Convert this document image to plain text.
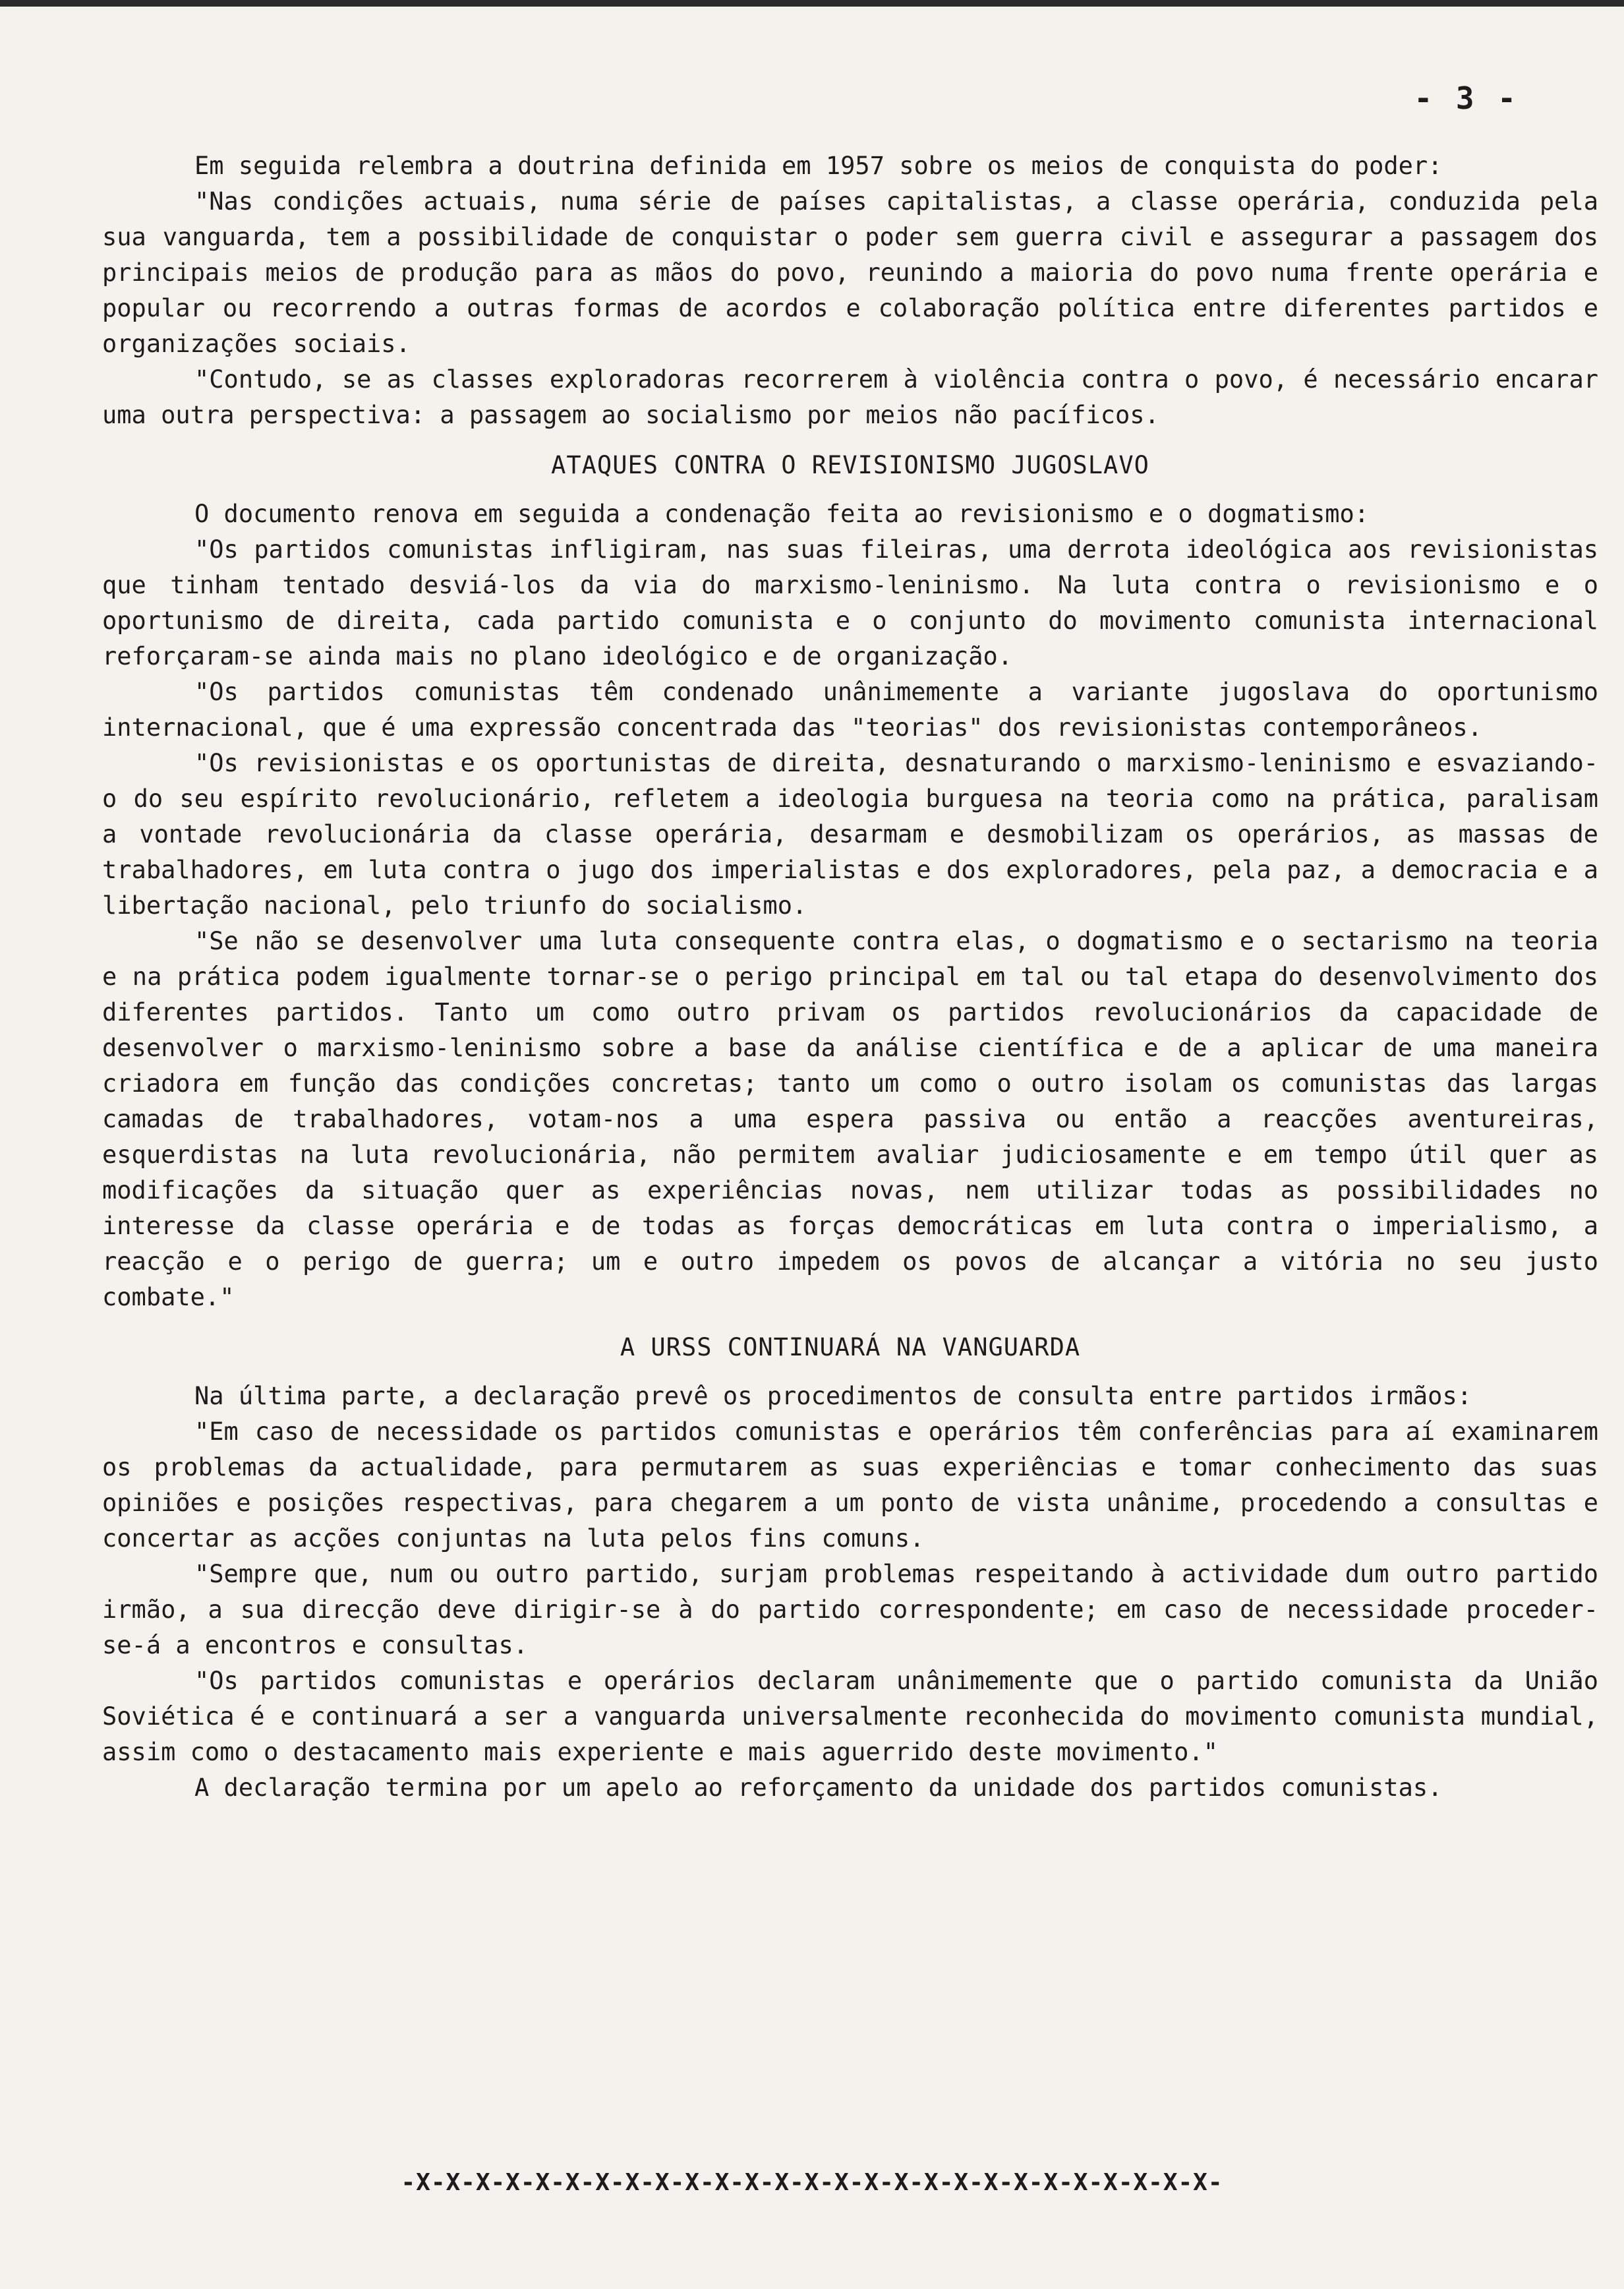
- 3 -

Em seguida relembra a doutrina definida em 1957 sobre os meios de conquista do poder:

"Nas condições actuais, numa série de países capitalistas, a classe operária, conduzida pela sua vanguarda, tem a possibilidade de conquistar o poder sem guerra civil e assegurar a passagem dos principais meios de produção para as mãos do povo, reunindo a maioria do povo numa frente operária e popular ou recorrendo a outras formas de acordos e colaboração política entre diferentes partidos e organizações sociais.

"Contudo, se as classes exploradoras recorrerem à violência contra o povo, é necessário encarar uma outra perspectiva: a passagem ao socialismo por meios não pacíficos.

ATAQUES CONTRA O REVISIONISMO JUGOSLAVO

O documento renova em seguida a condenação feita ao revisionismo e o dogmatismo:

"Os partidos comunistas infligiram, nas suas fileiras, uma derrota ideológica aos revisionistas que tinham tentado desviá-los da via do marxismo-leninismo. Na luta contra o revisionismo e o oportunismo de direita, cada partido comunista e o conjunto do movimento comunista internacional reforçaram-se ainda mais no plano ideológico e de organização.

"Os partidos comunistas têm condenado unânimemente a variante jugoslava do oportunismo internacional, que é uma expressão concentrada das "teorias" dos revisionistas contemporâneos.

"Os revisionistas e os oportunistas de direita, desnaturando o marxismo-leninismo e esvaziando-o do seu espírito revolucionário, refletem a ideologia burguesa na teoria como na prática, paralisam a vontade revolucionária da classe operária, desarmam e desmobilizam os operários, as massas de trabalhadores, em luta contra o jugo dos imperialistas e dos exploradores, pela paz, a democracia e a libertação nacional, pelo triunfo do socialismo.

"Se não se desenvolver uma luta consequente contra elas, o dogmatismo e o sectarismo na teoria e na prática podem igualmente tornar-se o perigo principal em tal ou tal etapa do desenvolvimento dos diferentes partidos. Tanto um como outro privam os partidos revolucionários da capacidade de desenvolver o marxismo-leninismo sobre a base da análise científica e de a aplicar de uma maneira criadora em função das condições concretas; tanto um como o outro isolam os comunistas das largas camadas de trabalhadores, votam-nos a uma espera passiva ou então a reacções aventureiras, esquerdistas na luta revolucionária, não permitem avaliar judiciosamente e em tempo útil quer as modificações da situação quer as experiências novas, nem utilizar todas as possibilidades no interesse da classe operária e de todas as forças democráticas em luta contra o imperialismo, a reacção e o perigo de guerra; um e outro impedem os povos de alcançar a vitória no seu justo combate."

A URSS CONTINUARÁ NA VANGUARDA

Na última parte, a declaração prevê os procedimentos de consulta entre partidos irmãos:

"Em caso de necessidade os partidos comunistas e operários têm conferências para aí examinarem os problemas da actualidade, para permutarem as suas experiências e tomar conhecimento das suas opiniões e posições respectivas, para chegarem a um ponto de vista unânime, procedendo a consultas e concertar as acções conjuntas na luta pelos fins comuns.

"Sempre que, num ou outro partido, surjam problemas respeitando à actividade dum outro partido irmão, a sua direcção deve dirigir-se à do partido correspondente; em caso de necessidade proceder-se-á a encontros e consultas.

"Os partidos comunistas e operários declaram unânimemente que o partido comunista da União Soviética é e continuará a ser a vanguarda universalmente reconhecida do movimento comunista mundial, assim como o destacamento mais experiente e mais aguerrido deste movimento."

A declaração termina por um apelo ao reforçamento da unidade dos partidos comunistas.

-X-X-X-X-X-X-X-X-X-X-X-X-X-X-X-X-X-X-X-X-X-X-X-X-X-X-X-
